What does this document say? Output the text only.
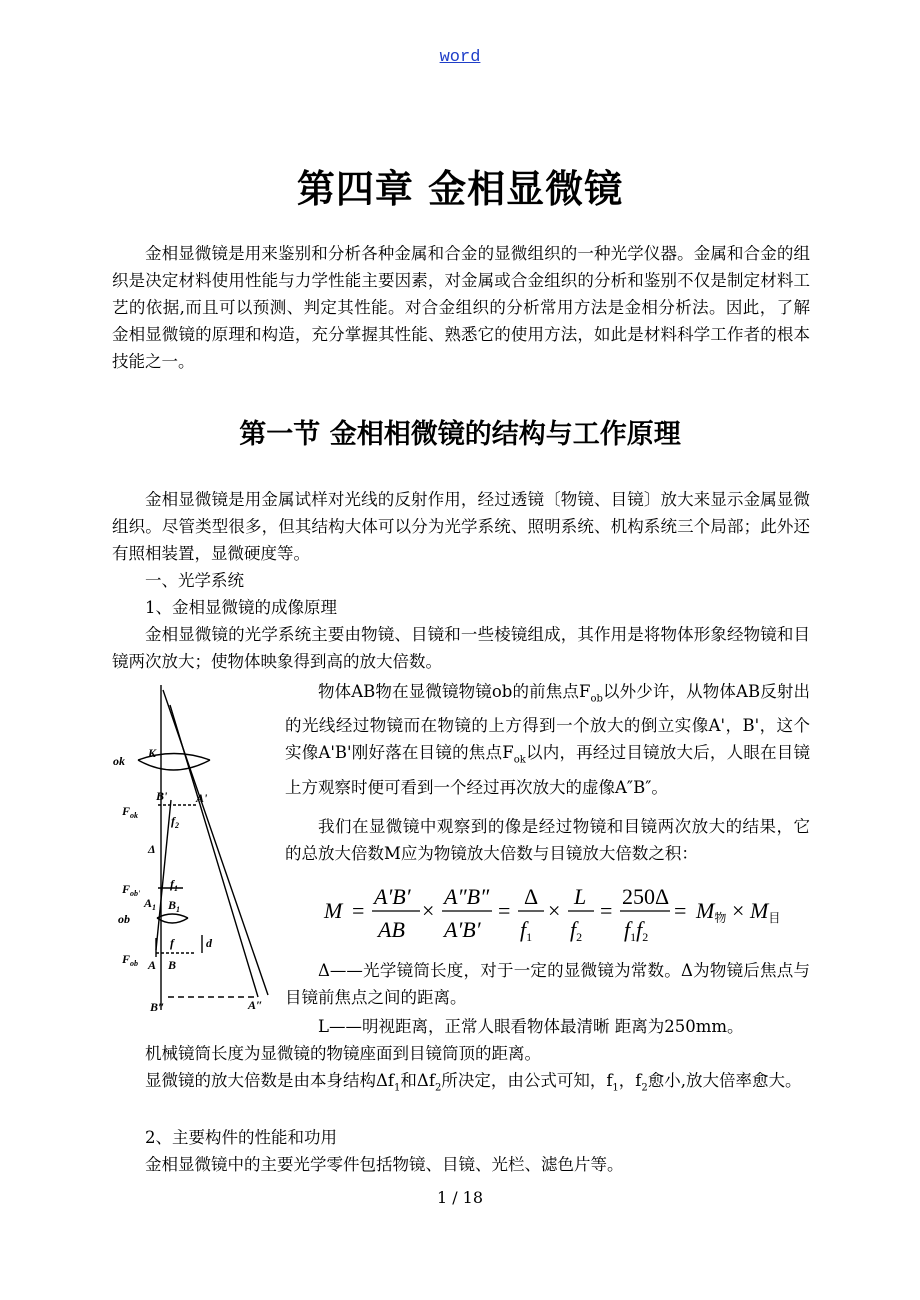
word
第四章 金相显微镜
金相显微镜是用来鉴别和分析各种金属和合金的显微组织的一种光学仪器。金属和合金的组织是决定材料使用性能与力学性能主要因素，对金属或合金组织的分析和鉴别不仅是制定材料工艺的依据,而且可以预测、判定其性能。对合金组织的分析常用方法是金相分析法。因此，了解金相显微镜的原理和构造，充分掌握其性能、熟悉它的使用方法，如此是材料科学工作者的根本技能之一。
第一节 金相相微镜的结构与工作原理
金相显微镜是用金属试样对光线的反射作用，经过透镜〔物镜、目镜〕放大来显示金属显微组织。尽管类型很多，但其结构大体可以分为光学系统、照明系统、机构系统三个局部；此外还有照相装置，显微硬度等。
一、光学系统
1、金相显微镜的成像原理
金相显微镜的光学系统主要由物镜、目镜和一些棱镜组成，其作用是将物体形象经物镜和目镜两次放大；使物体映象得到高的放大倍数。
K
ok
$F_{ok}$
B' A'
$f_2$
Δ
$F_{ob'}$
$f_1$
$A_1$ $B_1$
ob
f	d
$F_{ob}$ A B
B″	A″
物体AB物在显微镜物镜ob的前焦点$F_{ob}$以外少许，从物体AB反射出的光线经过物镜而在物镜的上方得到一个放大的倒立实像A'，B'，这个实像A'B'刚好落在目镜的焦点$F_{ok}$以内，再经过目镜放大后，人眼在目镜上方观察时便可看到一个经过再次放大的虚像A″B″。
我们在显微镜中观察到的像是经过物镜和目镜两次放大的结果，它的总放大倍数M应为物镜放大倍数与目镜放大倍数之积：
M =
A′B′
AB
×
A″B″
A′B′
=
Δ
f1
×
L
f2
=
250Δ
f1f2
= M物 × M目
Δ——光学镜筒长度，对于一定的显微镜为常数。Δ为物镜后焦点与目镜前焦点之间的距离。
L——明视距离，正常人眼看物体最清晰 距离为250mm。
机械镜筒长度为显微镜的物镜座面到目镜筒顶的距离。
显微镜的放大倍数是由本身结构$\Delta f_1$和$\Delta f_2$所决定，由公式可知，$f_1$，$f_2$愈小,放大倍率愈大。
2、主要构件的性能和功用
金相显微镜中的主要光学零件包括物镜、目镜、光栏、滤色片等。
1 / 18
